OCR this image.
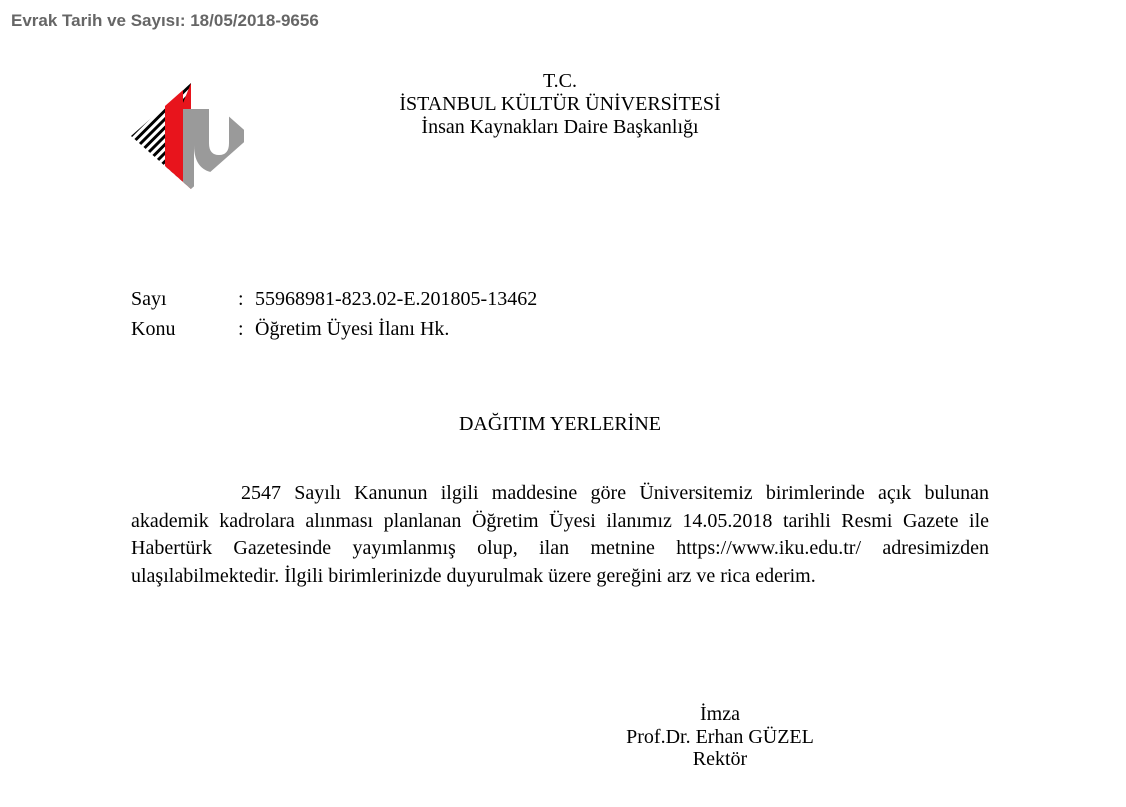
Evrak Tarih ve Sayısı: 18/05/2018-9656
T.C.
İSTANBUL KÜLTÜR ÜNİVERSİTESİ
İnsan Kaynakları Daire Başkanlığı
Sayı	: 55968981-823.02-E.201805-13462
Konu	: Öğretim Üyesi İlanı Hk.
DAĞITIM YERLERİNE

2547 Sayılı Kanunun ilgili maddesine göre Üniversitemiz birimlerinde açık bulunan akademik kadrolara alınması planlanan Öğretim Üyesi ilanımız 14.05.2018 tarihli Resmi Gazete ile Habertürk Gazetesinde yayımlanmış olup, ilan metnine https://www.iku.edu.tr/ adresimizden ulaşılabilmektedir. İlgili birimlerinizde duyurulmak üzere gereğini arz ve rica ederim.

İmza
Prof.Dr. Erhan GÜZEL
Rektör
